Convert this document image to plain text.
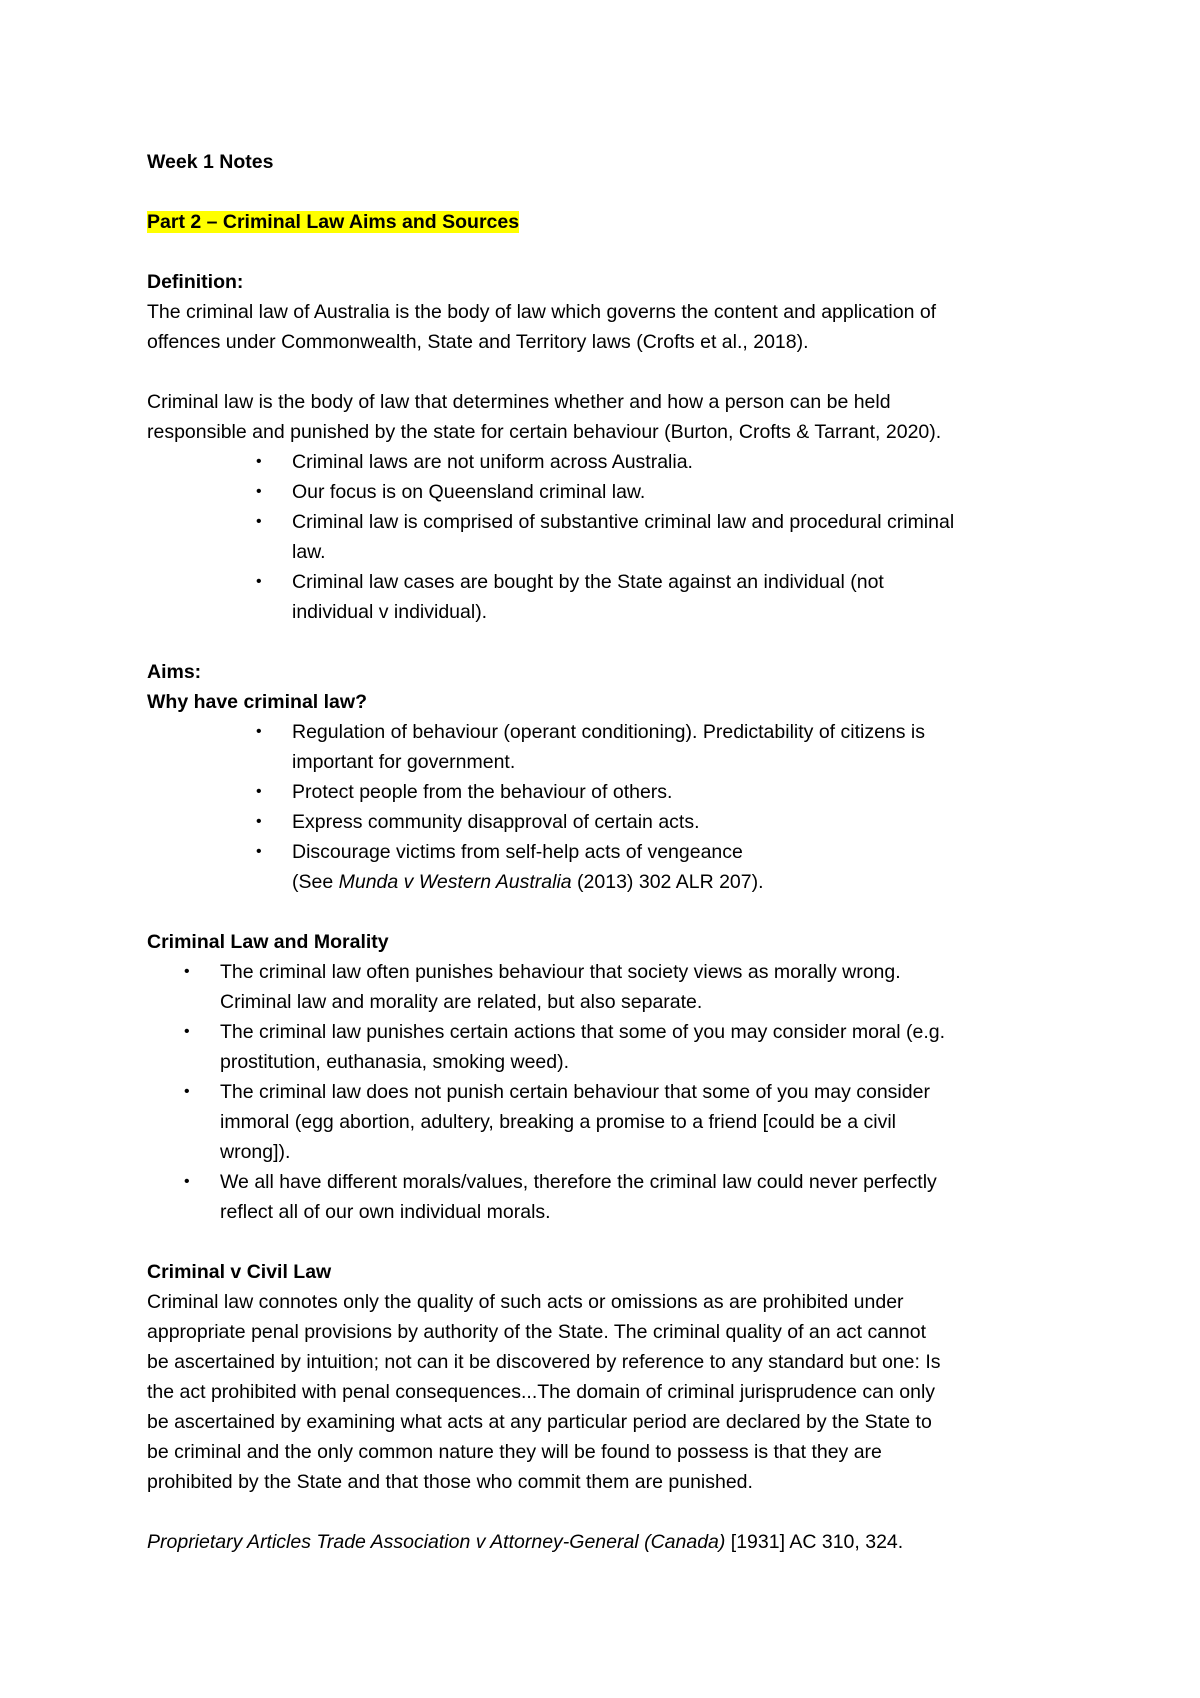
Week 1 Notes

Part 2 – Criminal Law Aims and Sources

Definition:

The criminal law of Australia is the body of law which governs the content and application of

offences under Commonwealth, State and Territory laws (Crofts et al., 2018).

Criminal law is the body of law that determines whether and how a person can be held

responsible and punished by the state for certain behaviour (Burton, Crofts & Tarrant, 2020).

• Criminal laws are not uniform across Australia.

• Our focus is on Queensland criminal law.

• Criminal law is comprised of substantive criminal law and procedural criminal

law.

• Criminal law cases are bought by the State against an individual (not

individual v individual).

Aims:

Why have criminal law?

• Regulation of behaviour (operant conditioning). Predictability of citizens is

important for government.

• Protect people from the behaviour of others.

• Express community disapproval of certain acts.

• Discourage victims from self-help acts of vengeance

(See Munda v Western Australia (2013) 302 ALR 207).

Criminal Law and Morality

• The criminal law often punishes behaviour that society views as morally wrong.

Criminal law and morality are related, but also separate.

• The criminal law punishes certain actions that some of you may consider moral (e.g.

prostitution, euthanasia, smoking weed).

• The criminal law does not punish certain behaviour that some of you may consider

immoral (egg abortion, adultery, breaking a promise to a friend [could be a civil

wrong]).

• We all have different morals/values, therefore the criminal law could never perfectly

reflect all of our own individual morals.

Criminal v Civil Law

Criminal law connotes only the quality of such acts or omissions as are prohibited under

appropriate penal provisions by authority of the State. The criminal quality of an act cannot

be ascertained by intuition; not can it be discovered by reference to any standard but one: Is

the act prohibited with penal consequences...The domain of criminal jurisprudence can only

be ascertained by examining what acts at any particular period are declared by the State to

be criminal and the only common nature they will be found to possess is that they are

prohibited by the State and that those who commit them are punished.

Proprietary Articles Trade Association v Attorney-General (Canada) [1931] AC 310, 324.
